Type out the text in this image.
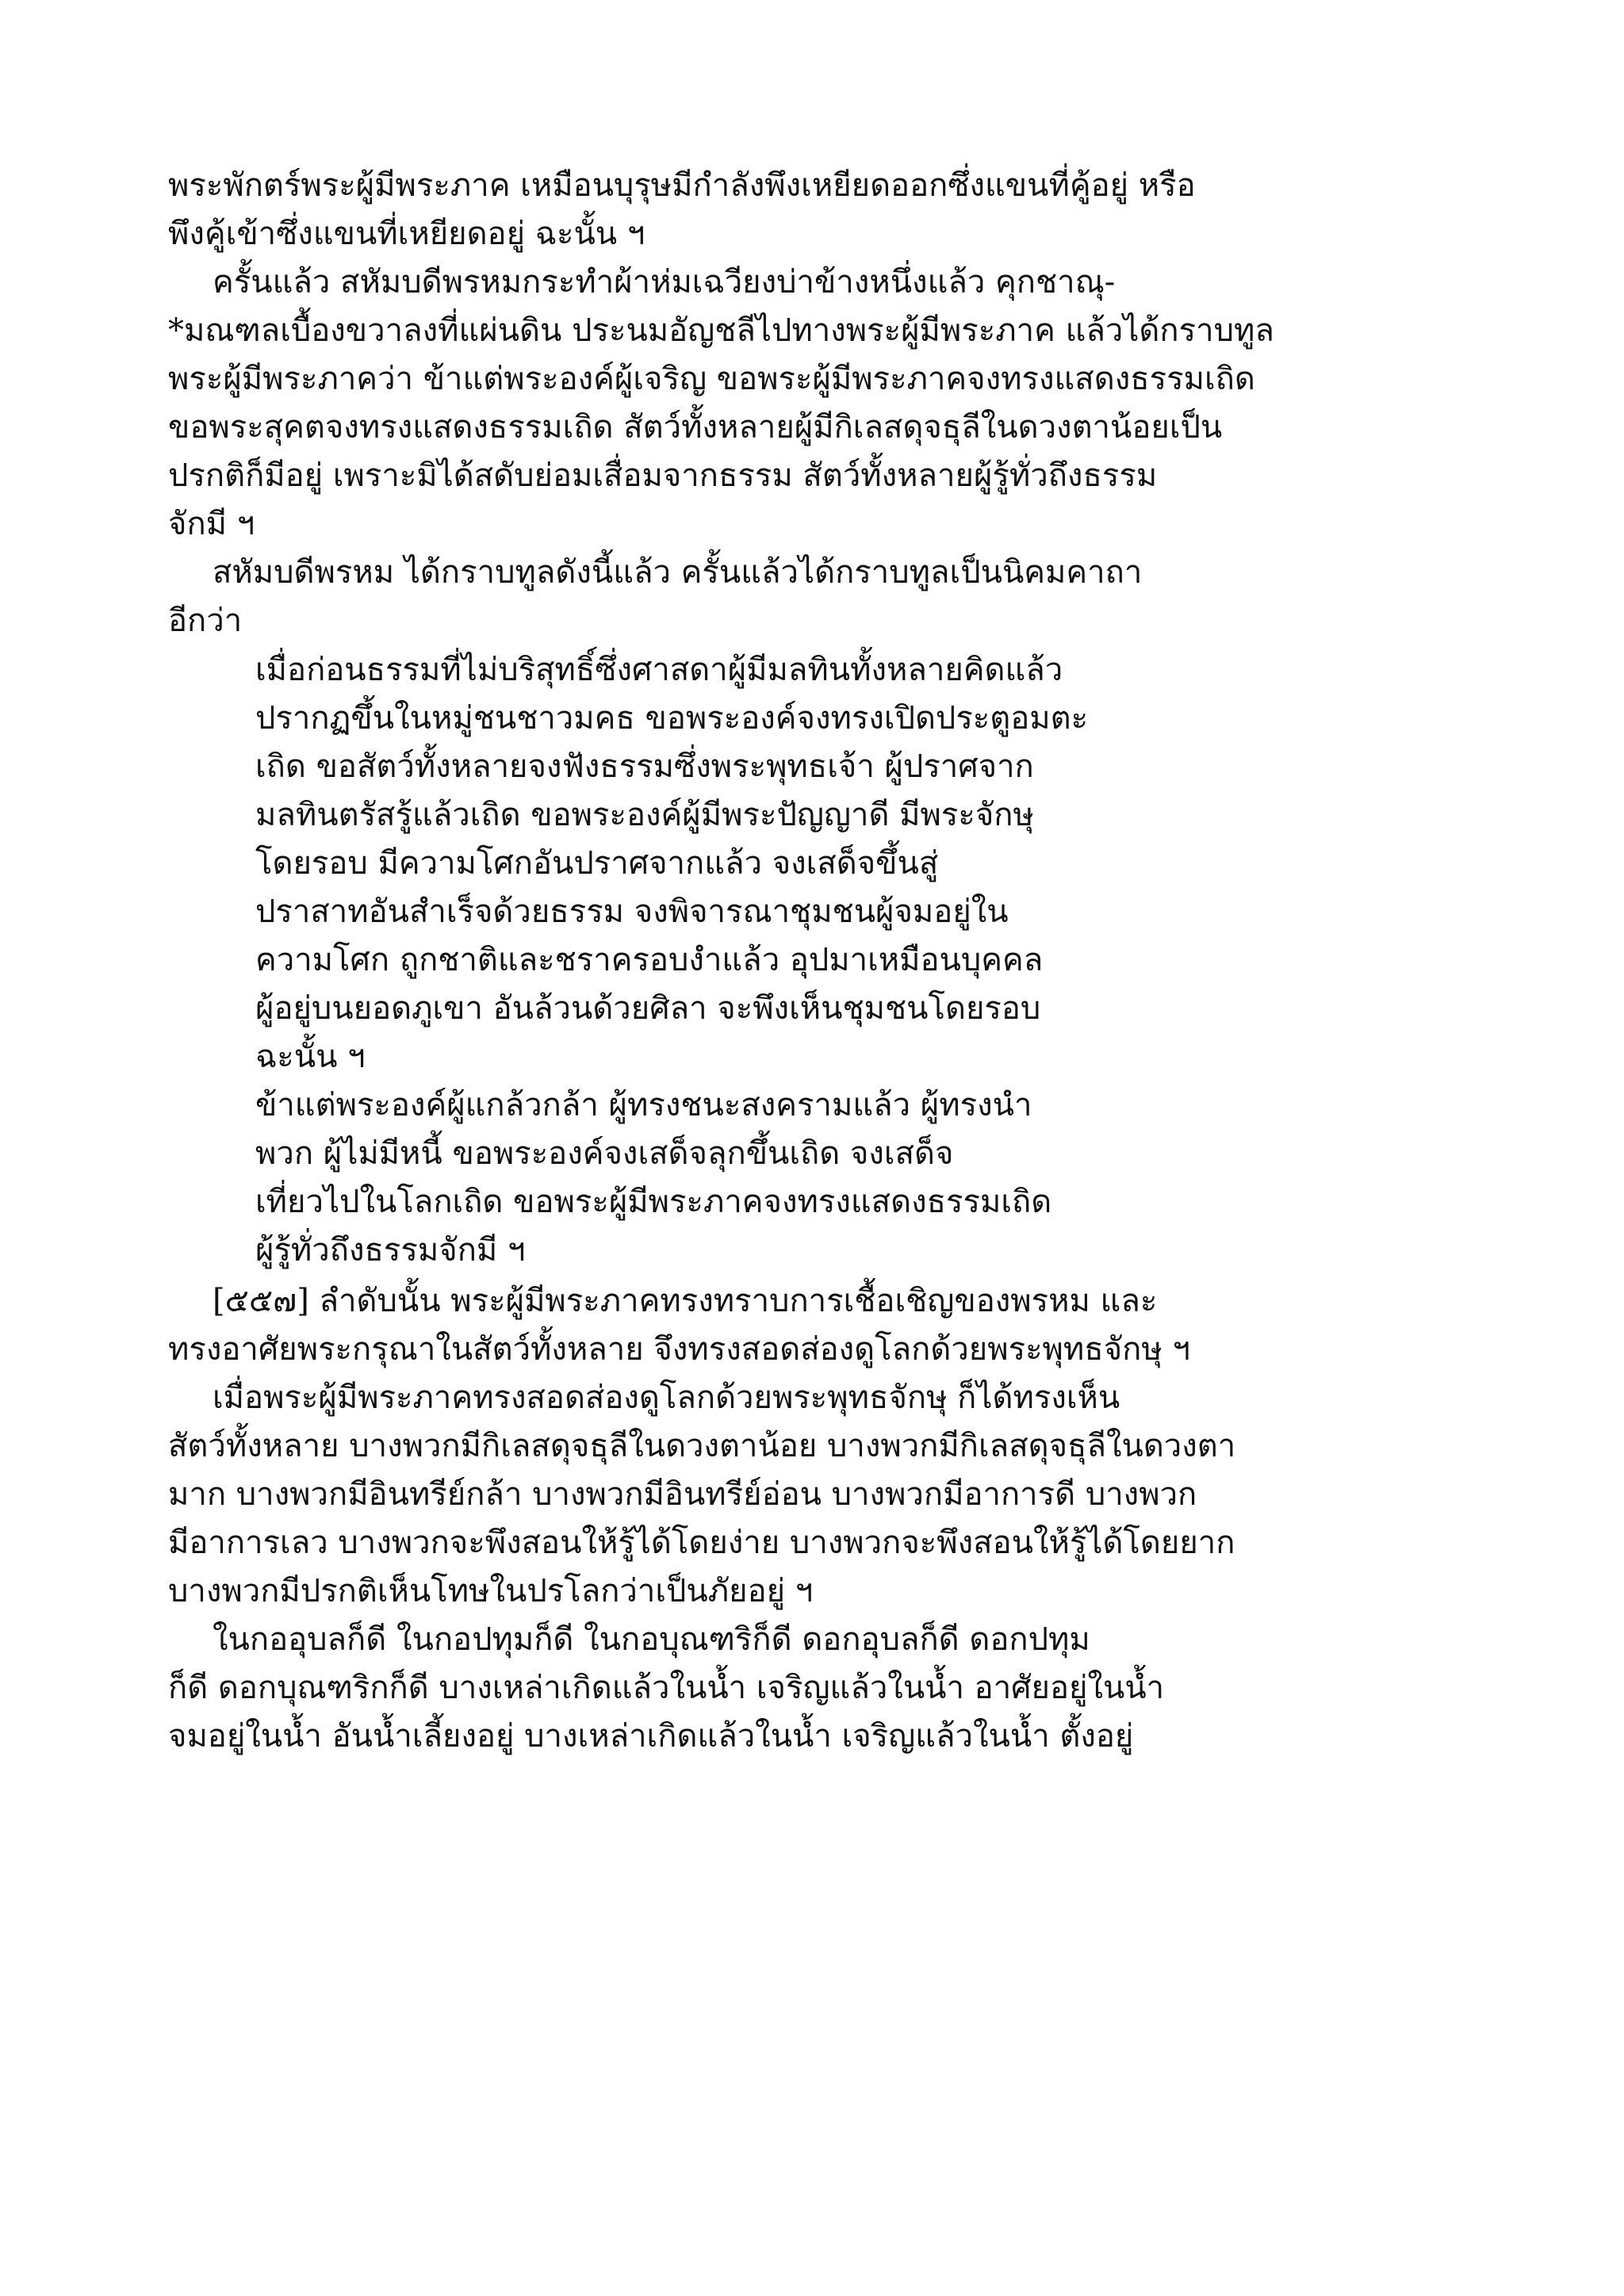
พระพักตร์พระผู้มีพระภาค เหมือนบุรุษมีกำลังพึงเหยียดออกซึ่งแขนที่คู้อยู่ หรือ
พึงคู้เข้าซึ่งแขนที่เหยียดอยู่ ฉะนั้น ฯ
ครั้นแล้ว สหัมบดีพรหมกระทำผ้าห่มเฉวียงบ่าข้างหนึ่งแล้ว คุกชาณุ-
*มณฑลเบื้องขวาลงที่แผ่นดิน ประนมอัญชลีไปทางพระผู้มีพระภาค แล้วได้กราบทูล
พระผู้มีพระภาคว่า ข้าแต่พระองค์ผู้เจริญ ขอพระผู้มีพระภาคจงทรงแสดงธรรมเถิด
ขอพระสุคตจงทรงแสดงธรรมเถิด สัตว์ทั้งหลายผู้มีกิเลสดุจธุลีในดวงตาน้อยเป็น
ปรกติก็มีอยู่ เพราะมิได้สดับย่อมเสื่อมจากธรรม สัตว์ทั้งหลายผู้รู้ทั่วถึงธรรม
จักมี ฯ
สหัมบดีพรหม ได้กราบทูลดังนี้แล้ว ครั้นแล้วได้กราบทูลเป็นนิคมคาถา
อีกว่า
เมื่อก่อนธรรมที่ไม่บริสุทธิ์ซึ่งศาสดาผู้มีมลทินทั้งหลายคิดแล้ว
ปรากฏขึ้นในหมู่ชนชาวมคธ ขอพระองค์จงทรงเปิดประตูอมตะ
เถิด ขอสัตว์ทั้งหลายจงฟังธรรมซึ่งพระพุทธเจ้า ผู้ปราศจาก
มลทินตรัสรู้แล้วเถิด ขอพระองค์ผู้มีพระปัญญาดี มีพระจักษุ
โดยรอบ มีความโศกอันปราศจากแล้ว จงเสด็จขึ้นสู่
ปราสาทอันสำเร็จด้วยธรรม จงพิจารณาชุมชนผู้จมอยู่ใน
ความโศก ถูกชาติและชราครอบงำแล้ว อุปมาเหมือนบุคคล
ผู้อยู่บนยอดภูเขา อันล้วนด้วยศิลา จะพึงเห็นชุมชนโดยรอบ
ฉะนั้น ฯ
ข้าแต่พระองค์ผู้แกล้วกล้า ผู้ทรงชนะสงครามแล้ว ผู้ทรงนำ
พวก ผู้ไม่มีหนี้ ขอพระองค์จงเสด็จลุกขึ้นเถิด จงเสด็จ
เที่ยวไปในโลกเถิด ขอพระผู้มีพระภาคจงทรงแสดงธรรมเถิด
ผู้รู้ทั่วถึงธรรมจักมี ฯ
[๕๕๗] ลำดับนั้น พระผู้มีพระภาคทรงทราบการเชื้อเชิญของพรหม และ
ทรงอาศัยพระกรุณาในสัตว์ทั้งหลาย จึงทรงสอดส่องดูโลกด้วยพระพุทธจักษุ ฯ
เมื่อพระผู้มีพระภาคทรงสอดส่องดูโลกด้วยพระพุทธจักษุ ก็ได้ทรงเห็น
สัตว์ทั้งหลาย บางพวกมีกิเลสดุจธุลีในดวงตาน้อย บางพวกมีกิเลสดุจธุลีในดวงตา
มาก บางพวกมีอินทรีย์กล้า บางพวกมีอินทรีย์อ่อน บางพวกมีอาการดี บางพวก
มีอาการเลว บางพวกจะพึงสอนให้รู้ได้โดยง่าย บางพวกจะพึงสอนให้รู้ได้โดยยาก
บางพวกมีปรกติเห็นโทษในปรโลกว่าเป็นภัยอยู่ ฯ
ในกออุบลก็ดี ในกอปทุมก็ดี ในกอบุณฑริก็ดี ดอกอุบลก็ดี ดอกปทุม
ก็ดี ดอกบุณฑริกก็ดี บางเหล่าเกิดแล้วในน้ำ เจริญแล้วในน้ำ อาศัยอยู่ในน้ำ
จมอยู่ในน้ำ อันน้ำเลี้ยงอยู่ บางเหล่าเกิดแล้วในน้ำ เจริญแล้วในน้ำ ตั้งอยู่
